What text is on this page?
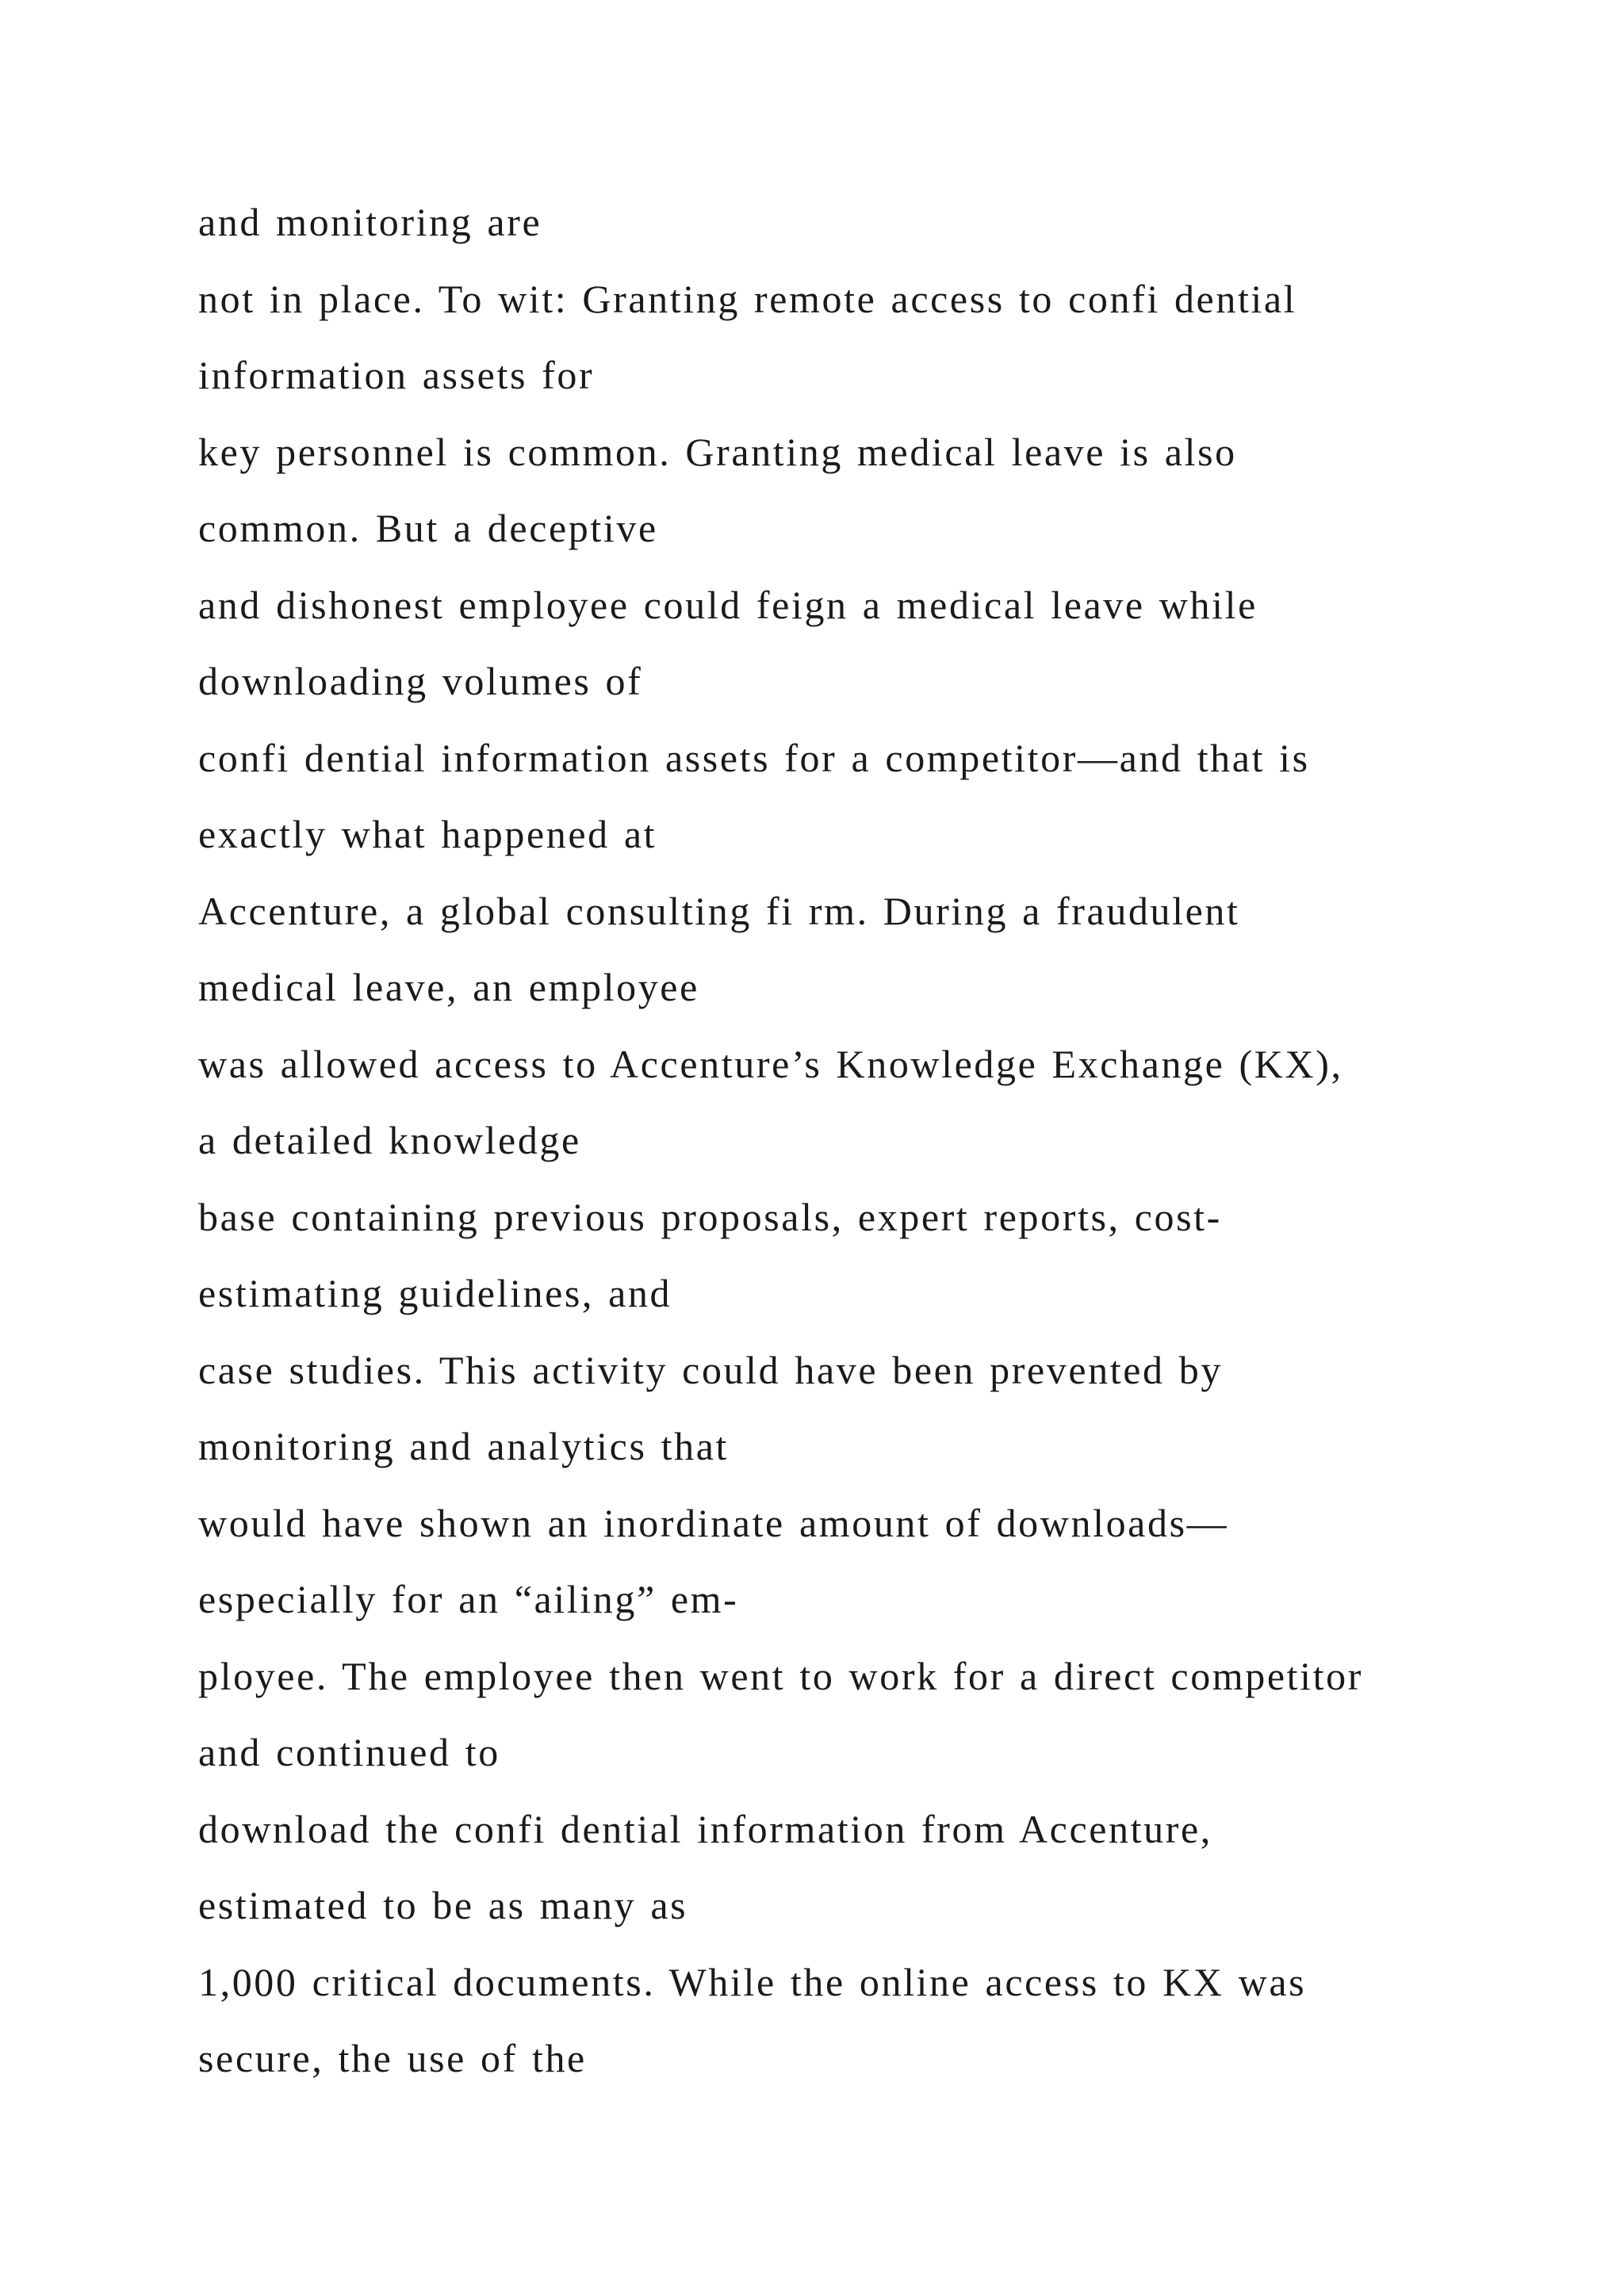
and monitoring are
not in place. To wit: Granting remote access to confi dential
information assets for
key personnel is common. Granting medical leave is also
common. But a deceptive
and dishonest employee could feign a medical leave while
downloading volumes of
confi dential information assets for a competitor—and that is
exactly what happened at
Accenture, a global consulting fi rm. During a fraudulent
medical leave, an employee
was allowed access to Accenture’s Knowledge Exchange (KX),
a detailed knowledge
base containing previous proposals, expert reports, cost-
estimating guidelines, and
case studies. This activity could have been prevented by
monitoring and analytics that
would have shown an inordinate amount of downloads—
especially for an “ailing” em-
ployee. The employee then went to work for a direct competitor
and continued to
download the confi dential information from Accenture,
estimated to be as many as
1,000 critical documents. While the online access to KX was
secure, the use of the
